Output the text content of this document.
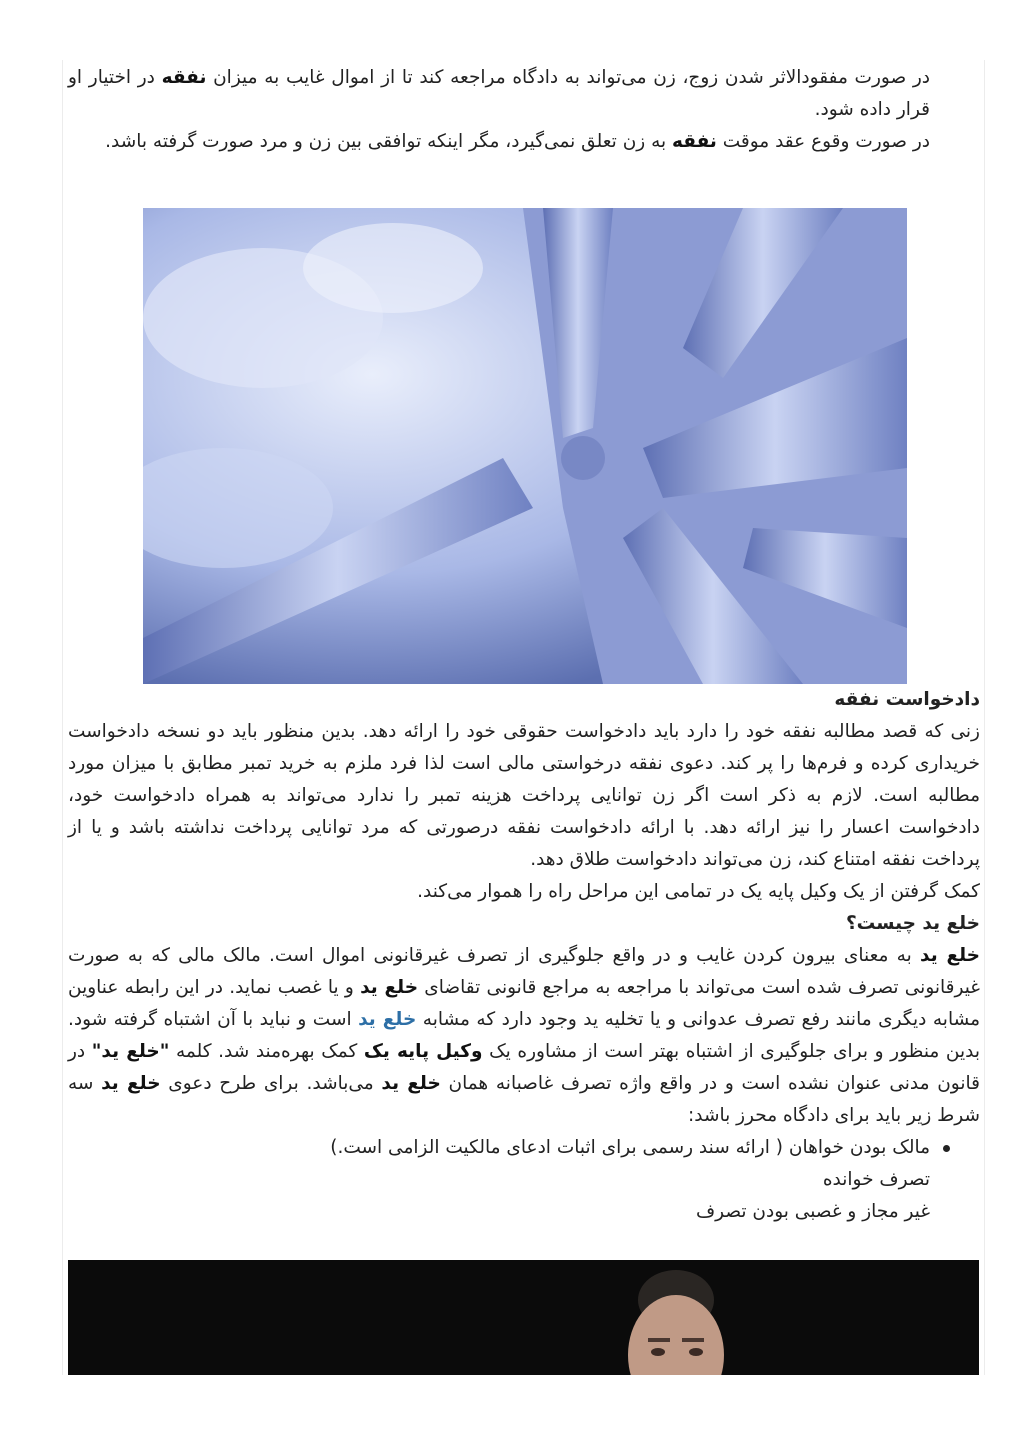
در صورت مفقودالاثر شدن زوج، زن می‌تواند به دادگاه مراجعه کند تا از اموال غایب به میزان نفقه در اختیار او قرار داده شود.

در صورت وقوع عقد موقت نفقه به زن تعلق نمی‌گیرد، مگر اینکه توافقی بین زن و مرد صورت گرفته باشد.

دادخواست نفقه

زنی که قصد مطالبه نفقه خود را دارد باید دادخواست حقوقی خود را ارائه دهد. بدین منظور باید دو نسخه دادخواست خریداری کرده و فرم‌ها را پر کند. دعوی نفقه درخواستی مالی است لذا فرد ملزم به خرید تمبر مطابق با میزان مورد مطالبه است. لازم به ذکر است اگر زن توانایی پرداخت هزینه تمبر را ندارد می‌تواند به همراه دادخواست خود، دادخواست اعسار را نیز ارائه دهد. با ارائه دادخواست نفقه درصورتی که مرد توانایی پرداخت نداشته باشد و یا از پرداخت نفقه امتناع کند، زن می‌تواند دادخواست طلاق دهد.

کمک گرفتن از یک وکیل پایه یک در تمامی این مراحل راه را هموار می‌کند.

خلع ید چیست؟

خلع ید به معنای بیرون کردن غایب و در واقع جلوگیری از تصرف غیرقانونی اموال است. مالک مالی که به صورت غیرقانونی تصرف شده است می‌تواند با مراجعه به مراجع قانونی تقاضای خلع ید و یا غصب نماید. در این رابطه عناوین مشابه دیگری مانند رفع تصرف عدوانی و یا تخلیه ید وجود دارد که مشابه خلع ید است و نباید با آن اشتباه گرفته شود. بدین منظور و برای جلوگیری از اشتباه بهتر است از مشاوره یک وکیل پایه یک کمک بهره‌مند شد. کلمه "خلع ید" در قانون مدنی عنوان نشده است و در واقع واژه تصرف غاصبانه همان خلع ید می‌باشد. برای طرح دعوی خلع ید سه شرط زیر باید برای دادگاه محرز باشد:

مالک بودن خواهان ( ارائه سند رسمی برای اثبات ادعای مالکیت الزامی است.)
تصرف خوانده
غیر مجاز و غصبی بودن تصرف
